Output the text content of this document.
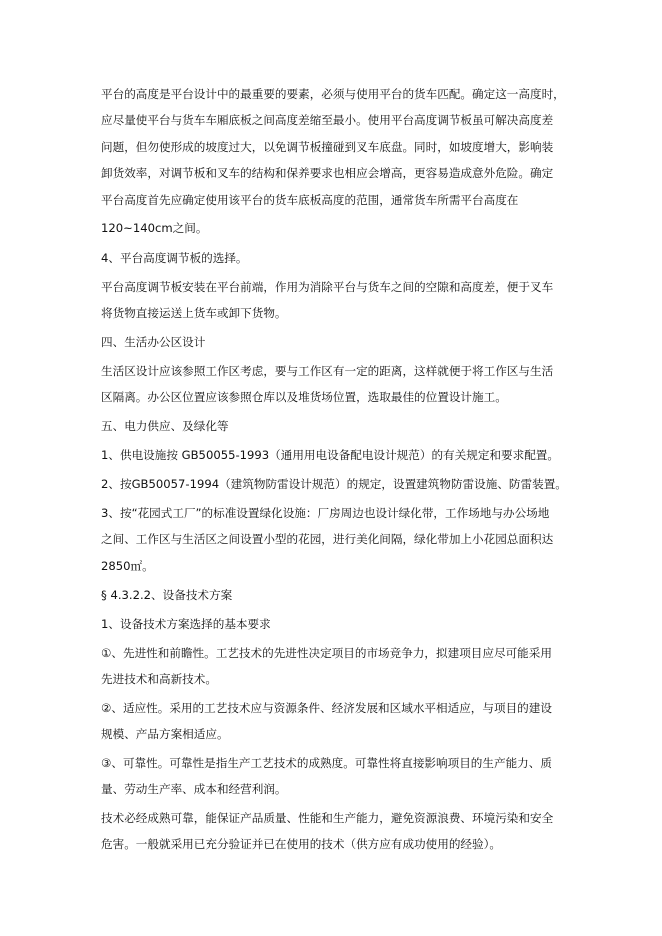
平台的高度是平台设计中的最重要的要素，必须与使用平台的货车匹配。确定这一高度时，
应尽量使平台与货车车厢底板之间高度差缩至最小。使用平台高度调节板虽可解决高度差
问题，但勿使形成的坡度过大，以免调节板撞碰到叉车底盘。同时，如坡度增大，影响装
卸货效率，对调节板和叉车的结构和保养要求也相应会增高，更容易造成意外危险。确定
平台高度首先应确定使用该平台的货车底板高度的范围，通常货车所需平台高度在
120~140cm之间。
4、平台高度调节板的选择。
平台高度调节板安装在平台前端，作用为消除平台与货车之间的空隙和高度差，便于叉车
将货物直接运送上货车或卸下货物。
四、生活办公区设计
生活区设计应该参照工作区考虑，要与工作区有一定的距离，这样就便于将工作区与生活
区隔离。办公区位置应该参照仓库以及堆货场位置，选取最佳的位置设计施工。
五、电力供应、及绿化等
1、供电设施按 GB50055-1993（通用用电设备配电设计规范）的有关规定和要求配置。
2、按GB50057-1994（建筑物防雷设计规范）的规定，设置建筑物防雷设施、防雷装置。
3、按“花园式工厂”的标准设置绿化设施：厂房周边也设计绿化带，工作场地与办公场地
之间、工作区与生活区之间设置小型的花园，进行美化间隔，绿化带加上小花园总面积达
2850㎡。
§ 4.3.2.2、设备技术方案
1、设备技术方案选择的基本要求
①、先进性和前瞻性。工艺技术的先进性决定项目的市场竞争力，拟建项目应尽可能采用
先进技术和高新技术。
②、适应性。采用的工艺技术应与资源条件、经济发展和区域水平相适应，与项目的建设
规模、产品方案相适应。
③、可靠性。可靠性是指生产工艺技术的成熟度。可靠性将直接影响项目的生产能力、质
量、劳动生产率、成本和经营利润。
技术必经成熟可靠，能保证产品质量、性能和生产能力，避免资源浪费、环境污染和安全
危害。一般就采用已充分验证并已在使用的技术（供方应有成功使用的经验）。
